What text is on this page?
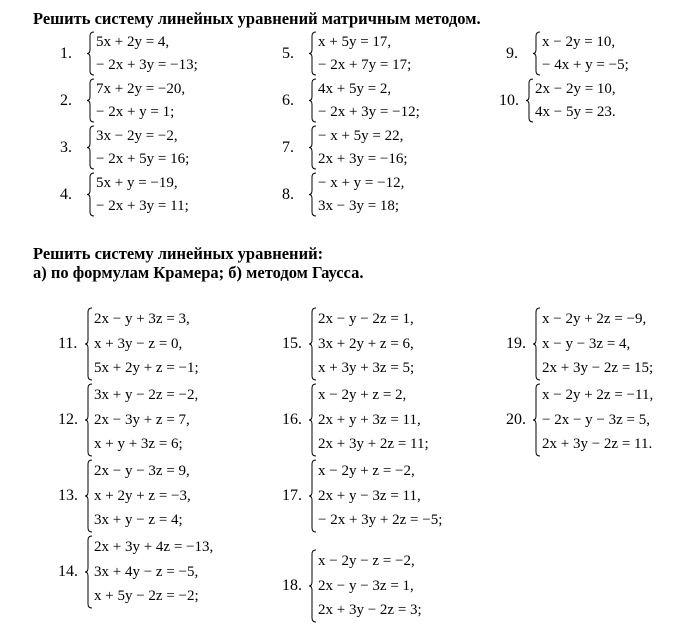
Решить систему линейных уравнений матричным методом.
1.
5x + 2y = 4,
− 2x + 3y = −13;
2.
7x + 2y = −20,
− 2x + y = 1;
3.
3x − 2y = −2,
− 2x + 5y = 16;
4.
5x + y = −19,
− 2x + 3y = 11;
5.
x + 5y = 17,
− 2x + 7y = 17;
6.
4x + 5y = 2,
− 2x + 3y = −12;
7.
− x + 5y = 22,
2x + 3y = −16;
8.
− x + y = −12,
3x − 3y = 18;
9.
x − 2y = 10,
− 4x + y = −5;
10.
2x − 2y = 10,
4x − 5y = 23.
Решить систему линейных уравнений:
а) по формулам Крамера; б) методом Гаусса.
11.
2x − y + 3z = 3,
x + 3y − z = 0,
5x + 2y + z = −1;
12.
3x + y − 2z = −2,
2x − 3y + z = 7,
x + y + 3z = 6;
13.
2x − y − 3z = 9,
x + 2y + z = −3,
3x + y − z = 4;
14.
2x + 3y + 4z = −13,
3x + 4y − z = −5,
x + 5y − 2z = −2;
15.
2x − y − 2z = 1,
3x + 2y + z = 6,
x + 3y + 3z = 5;
16.
x − 2y + z = 2,
2x + y + 3z = 11,
2x + 3y + 2z = 11;
17.
x − 2y + z = −2,
2x + y − 3z = 11,
− 2x + 3y + 2z = −5;
18.
x − 2y − z = −2,
2x − y − 3z = 1,
2x + 3y − 2z = 3;
19.
x − 2y + 2z = −9,
x − y − 3z = 4,
2x + 3y − 2z = 15;
20.
x − 2y + 2z = −11,
− 2x − y − 3z = 5,
2x + 3y − 2z = 11.
